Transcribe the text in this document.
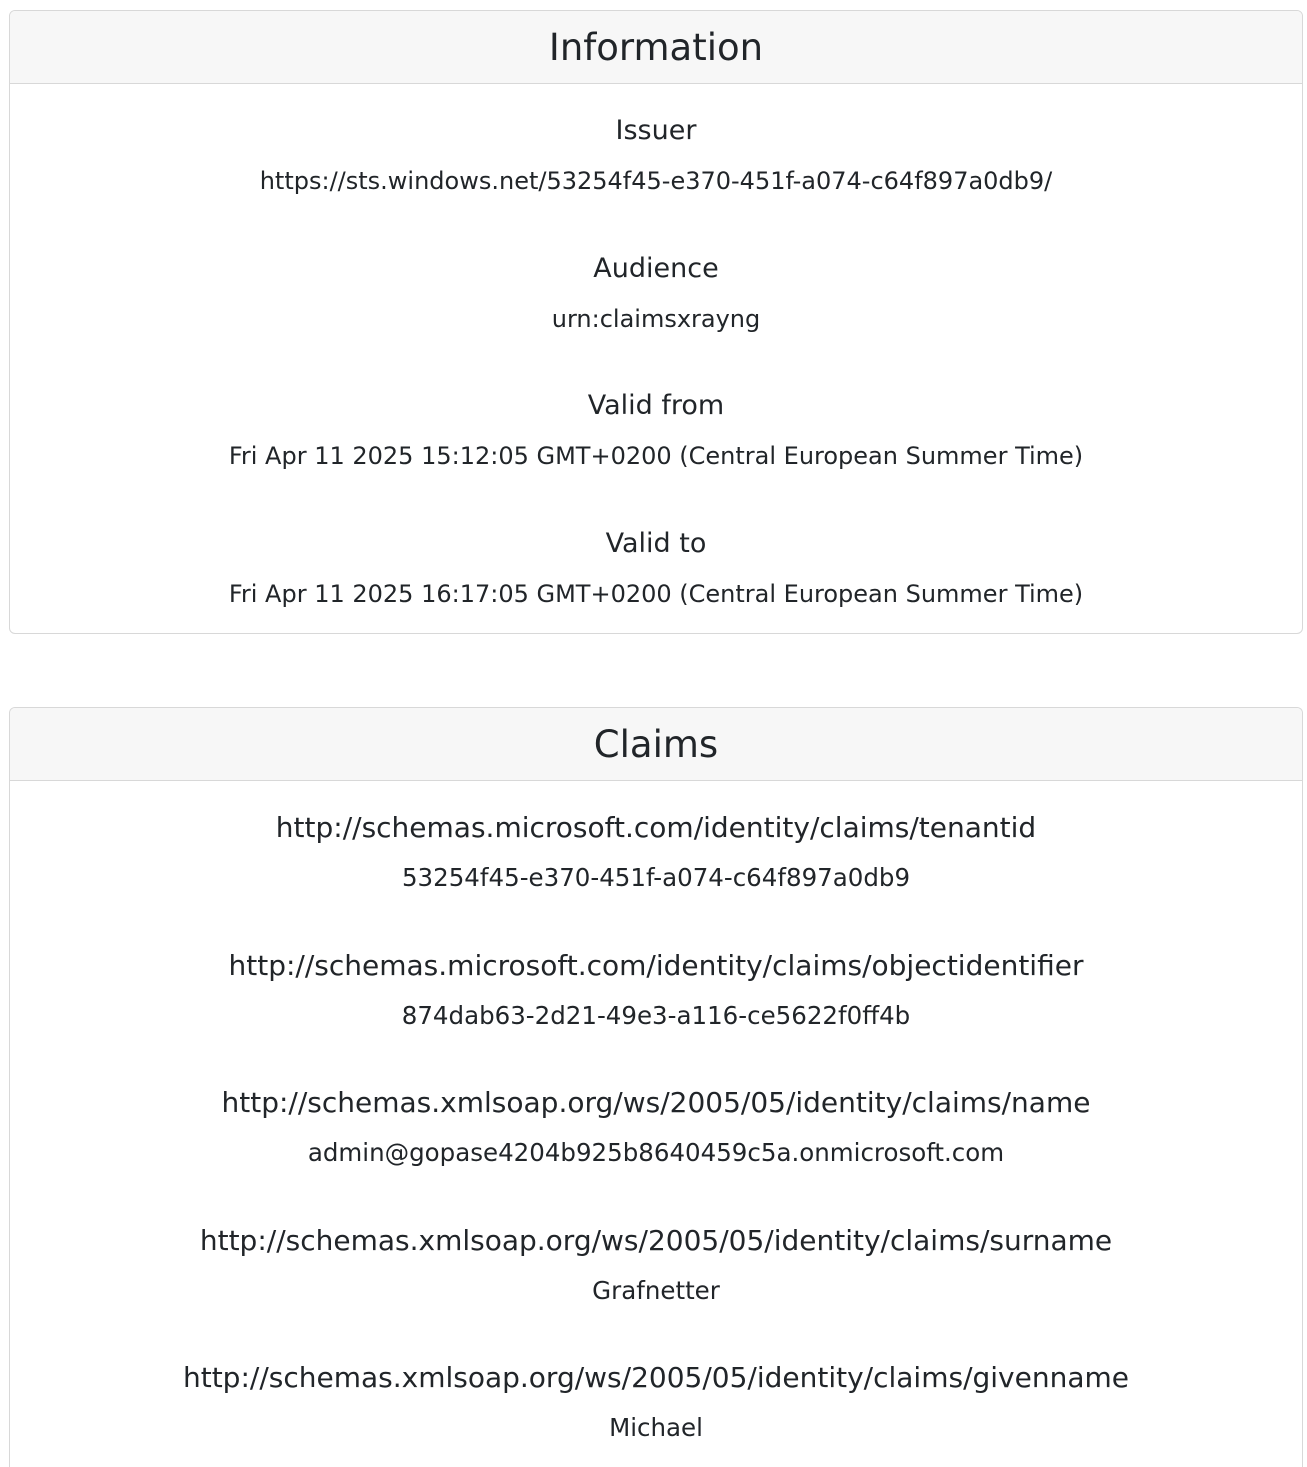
Information
Issuer
https://sts.windows.net/53254f45-e370-451f-a074-c64f897a0db9/
Audience
urn:claimsxrayng
Valid from
Fri Apr 11 2025 15:12:05 GMT+0200 (Central European Summer Time)
Valid to
Fri Apr 11 2025 16:17:05 GMT+0200 (Central European Summer Time)
Claims
http://schemas.microsoft.com/identity/claims/tenantid
53254f45-e370-451f-a074-c64f897a0db9
http://schemas.microsoft.com/identity/claims/objectidentifier
874dab63-2d21-49e3-a116-ce5622f0ff4b
http://schemas.xmlsoap.org/ws/2005/05/identity/claims/name
admin@gopase4204b925b8640459c5a.onmicrosoft.com
http://schemas.xmlsoap.org/ws/2005/05/identity/claims/surname
Grafnetter
http://schemas.xmlsoap.org/ws/2005/05/identity/claims/givenname
Michael
